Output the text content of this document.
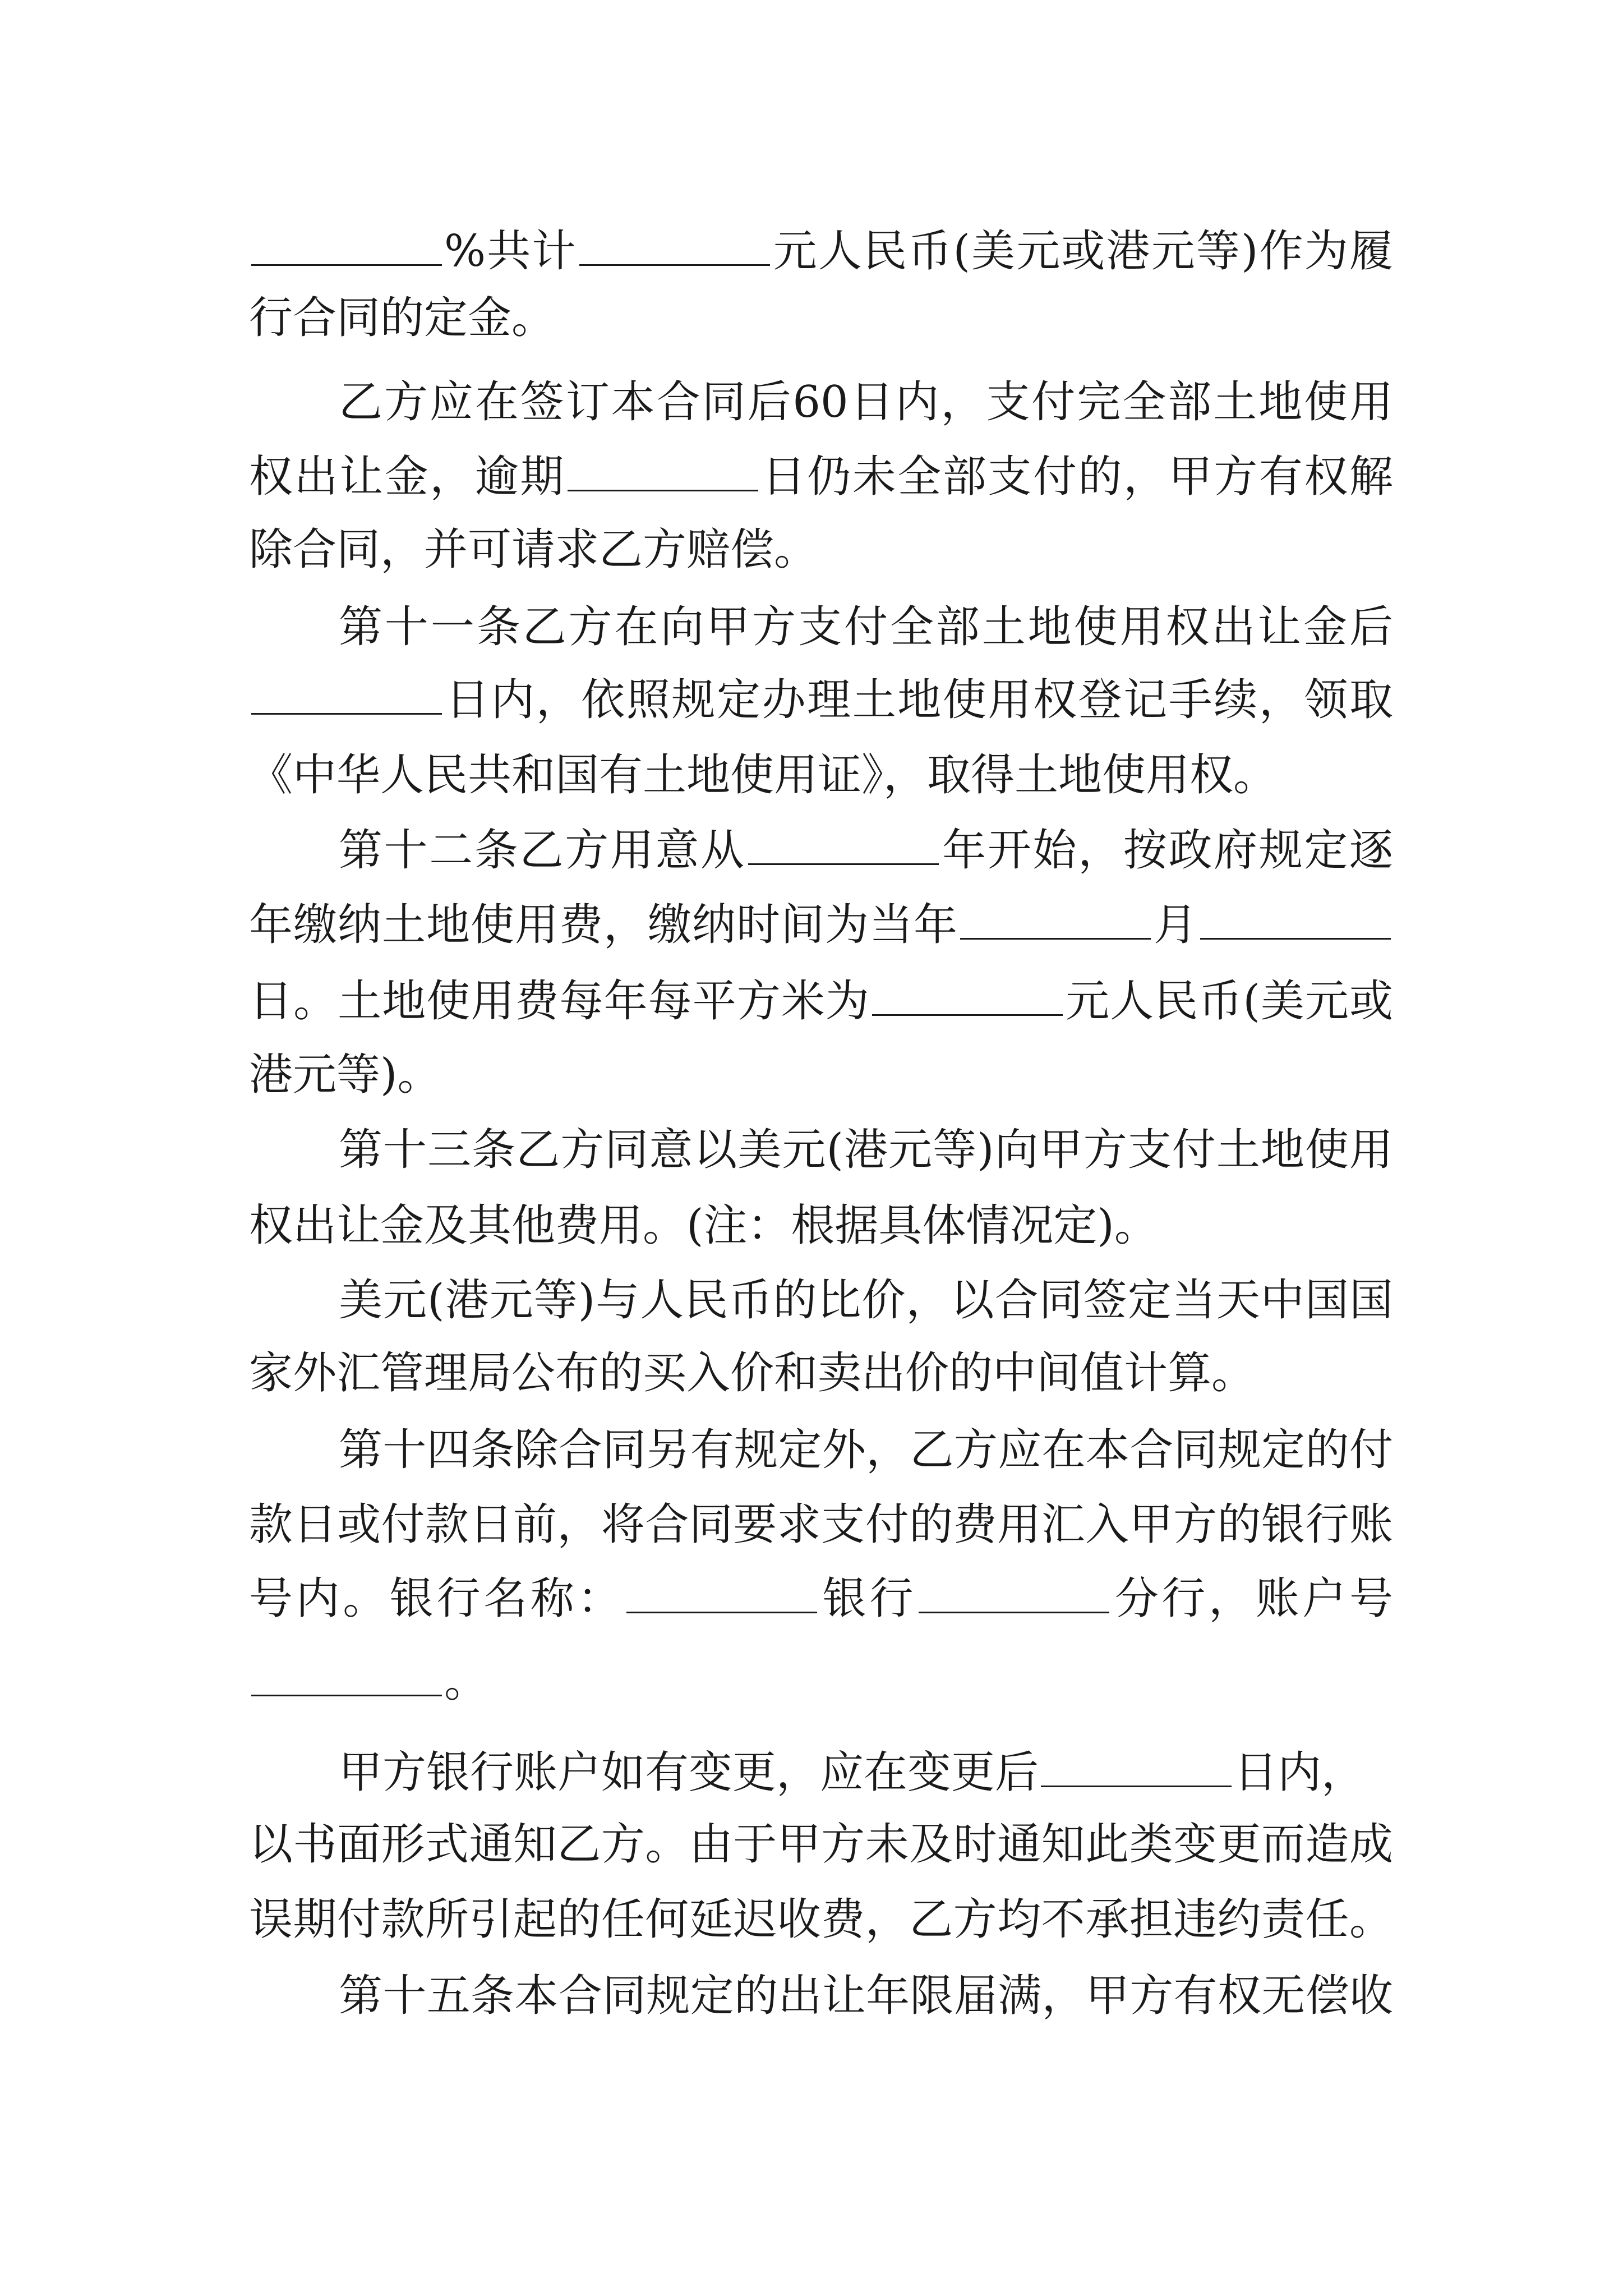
%共计	元人民币(美元或港元等)作为履
行合同的定金。
乙方应在签订本合同后60日内，支付完全部土地使用
权出让金，逾期	日仍未全部支付的，甲方有权解
除合同，并可请求乙方赔偿。
第十一条乙方在向甲方支付全部土地使用权出让金后
日内，依照规定办理土地使用权登记手续，领取
《中华人民共和国有土地使用证》，取得土地使用权。
第十二条乙方用意从	年开始，按政府规定逐
年缴纳土地使用费，缴纳时间为当年	月
日。土地使用费每年每平方米为	元人民币(美元或
港元等)。
第十三条乙方同意以美元(港元等)向甲方支付土地使用
权出让金及其他费用。(注：根据具体情况定)。
美元(港元等)与人民币的比价，以合同签定当天中国国
家外汇管理局公布的买入价和卖出价的中间值计算。
第十四条除合同另有规定外，乙方应在本合同规定的付
款日或付款日前，将合同要求支付的费用汇入甲方的银行账
号内。银行名称：	银行	分行，账户号
。
甲方银行账户如有变更，应在变更后	日内，
以书面形式通知乙方。由于甲方未及时通知此类变更而造成
误期付款所引起的任何延迟收费，乙方均不承担违约责任。
第十五条本合同规定的出让年限届满，甲方有权无偿收
